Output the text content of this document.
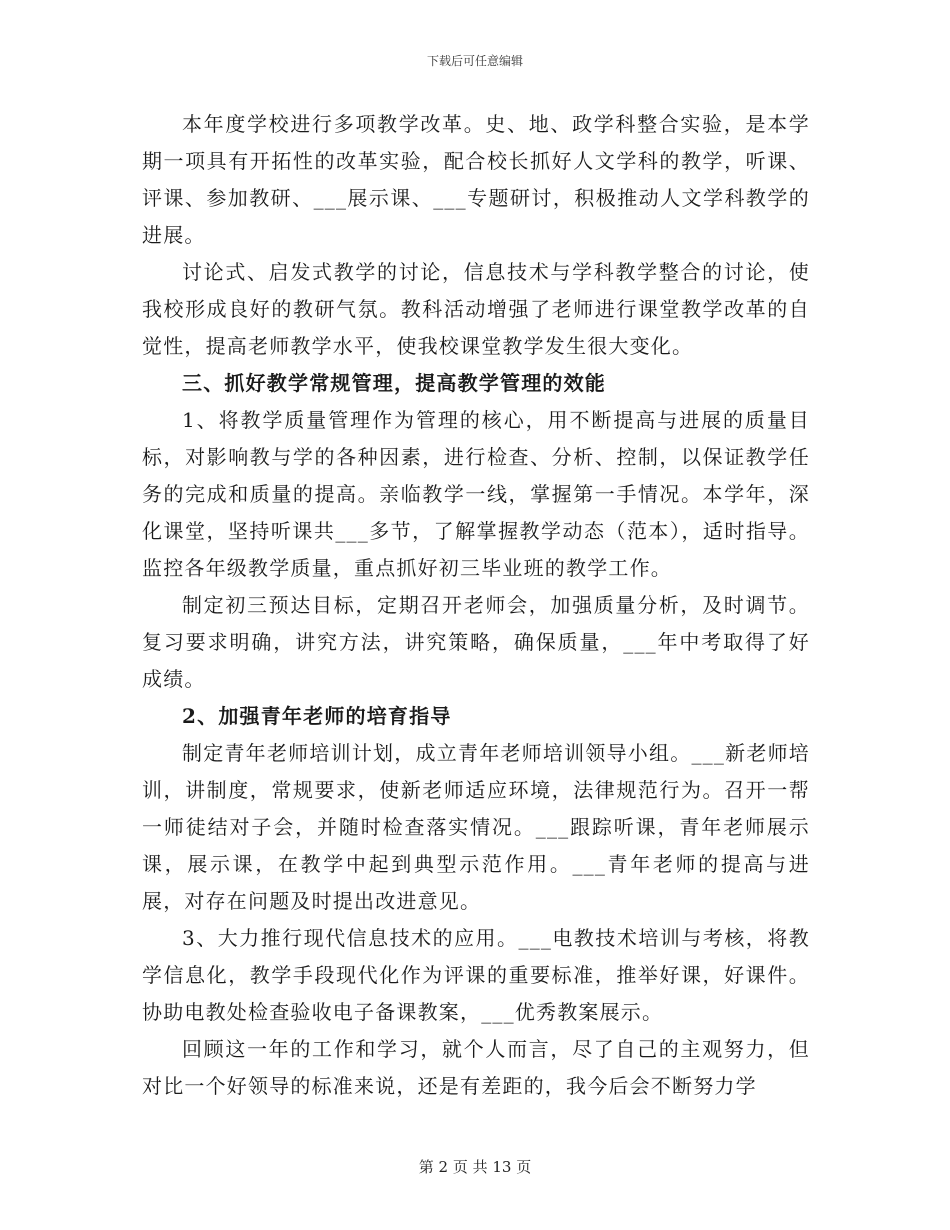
下载后可任意编辑

本年度学校进行多项教学改革。史、地、政学科整合实验，是本学期一项具有开拓性的改革实验，配合校长抓好人文学科的教学，听课、评课、参加教研、___展示课、___专题研讨，积极推动人文学科教学的进展。

讨论式、启发式教学的讨论，信息技术与学科教学整合的讨论，使我校形成良好的教研气氛。教科活动增强了老师进行课堂教学改革的自觉性，提高老师教学水平，使我校课堂教学发生很大变化。

三、抓好教学常规管理，提高教学管理的效能

1、将教学质量管理作为管理的核心，用不断提高与进展的质量目标，对影响教与学的各种因素，进行检查、分析、控制，以保证教学任务的完成和质量的提高。亲临教学一线，掌握第一手情况。本学年，深化课堂，坚持听课共___多节，了解掌握教学动态（范本），适时指导。监控各年级教学质量，重点抓好初三毕业班的教学工作。

制定初三预达目标，定期召开老师会，加强质量分析，及时调节。复习要求明确，讲究方法，讲究策略，确保质量，___年中考取得了好成绩。

2、加强青年老师的培育指导

制定青年老师培训计划，成立青年老师培训领导小组。___新老师培训，讲制度，常规要求，使新老师适应环境，法律规范行为。召开一帮一师徒结对子会，并随时检查落实情况。___跟踪听课，青年老师展示课，展示课，在教学中起到典型示范作用。___青年老师的提高与进展，对存在问题及时提出改进意见。

3、大力推行现代信息技术的应用。___电教技术培训与考核，将教学信息化，教学手段现代化作为评课的重要标准，推举好课，好课件。协助电教处检查验收电子备课教案，___优秀教案展示。

回顾这一年的工作和学习，就个人而言，尽了自己的主观努力，但对比一个好领导的标准来说，还是有差距的，我今后会不断努力学

第 2 页 共 13 页
